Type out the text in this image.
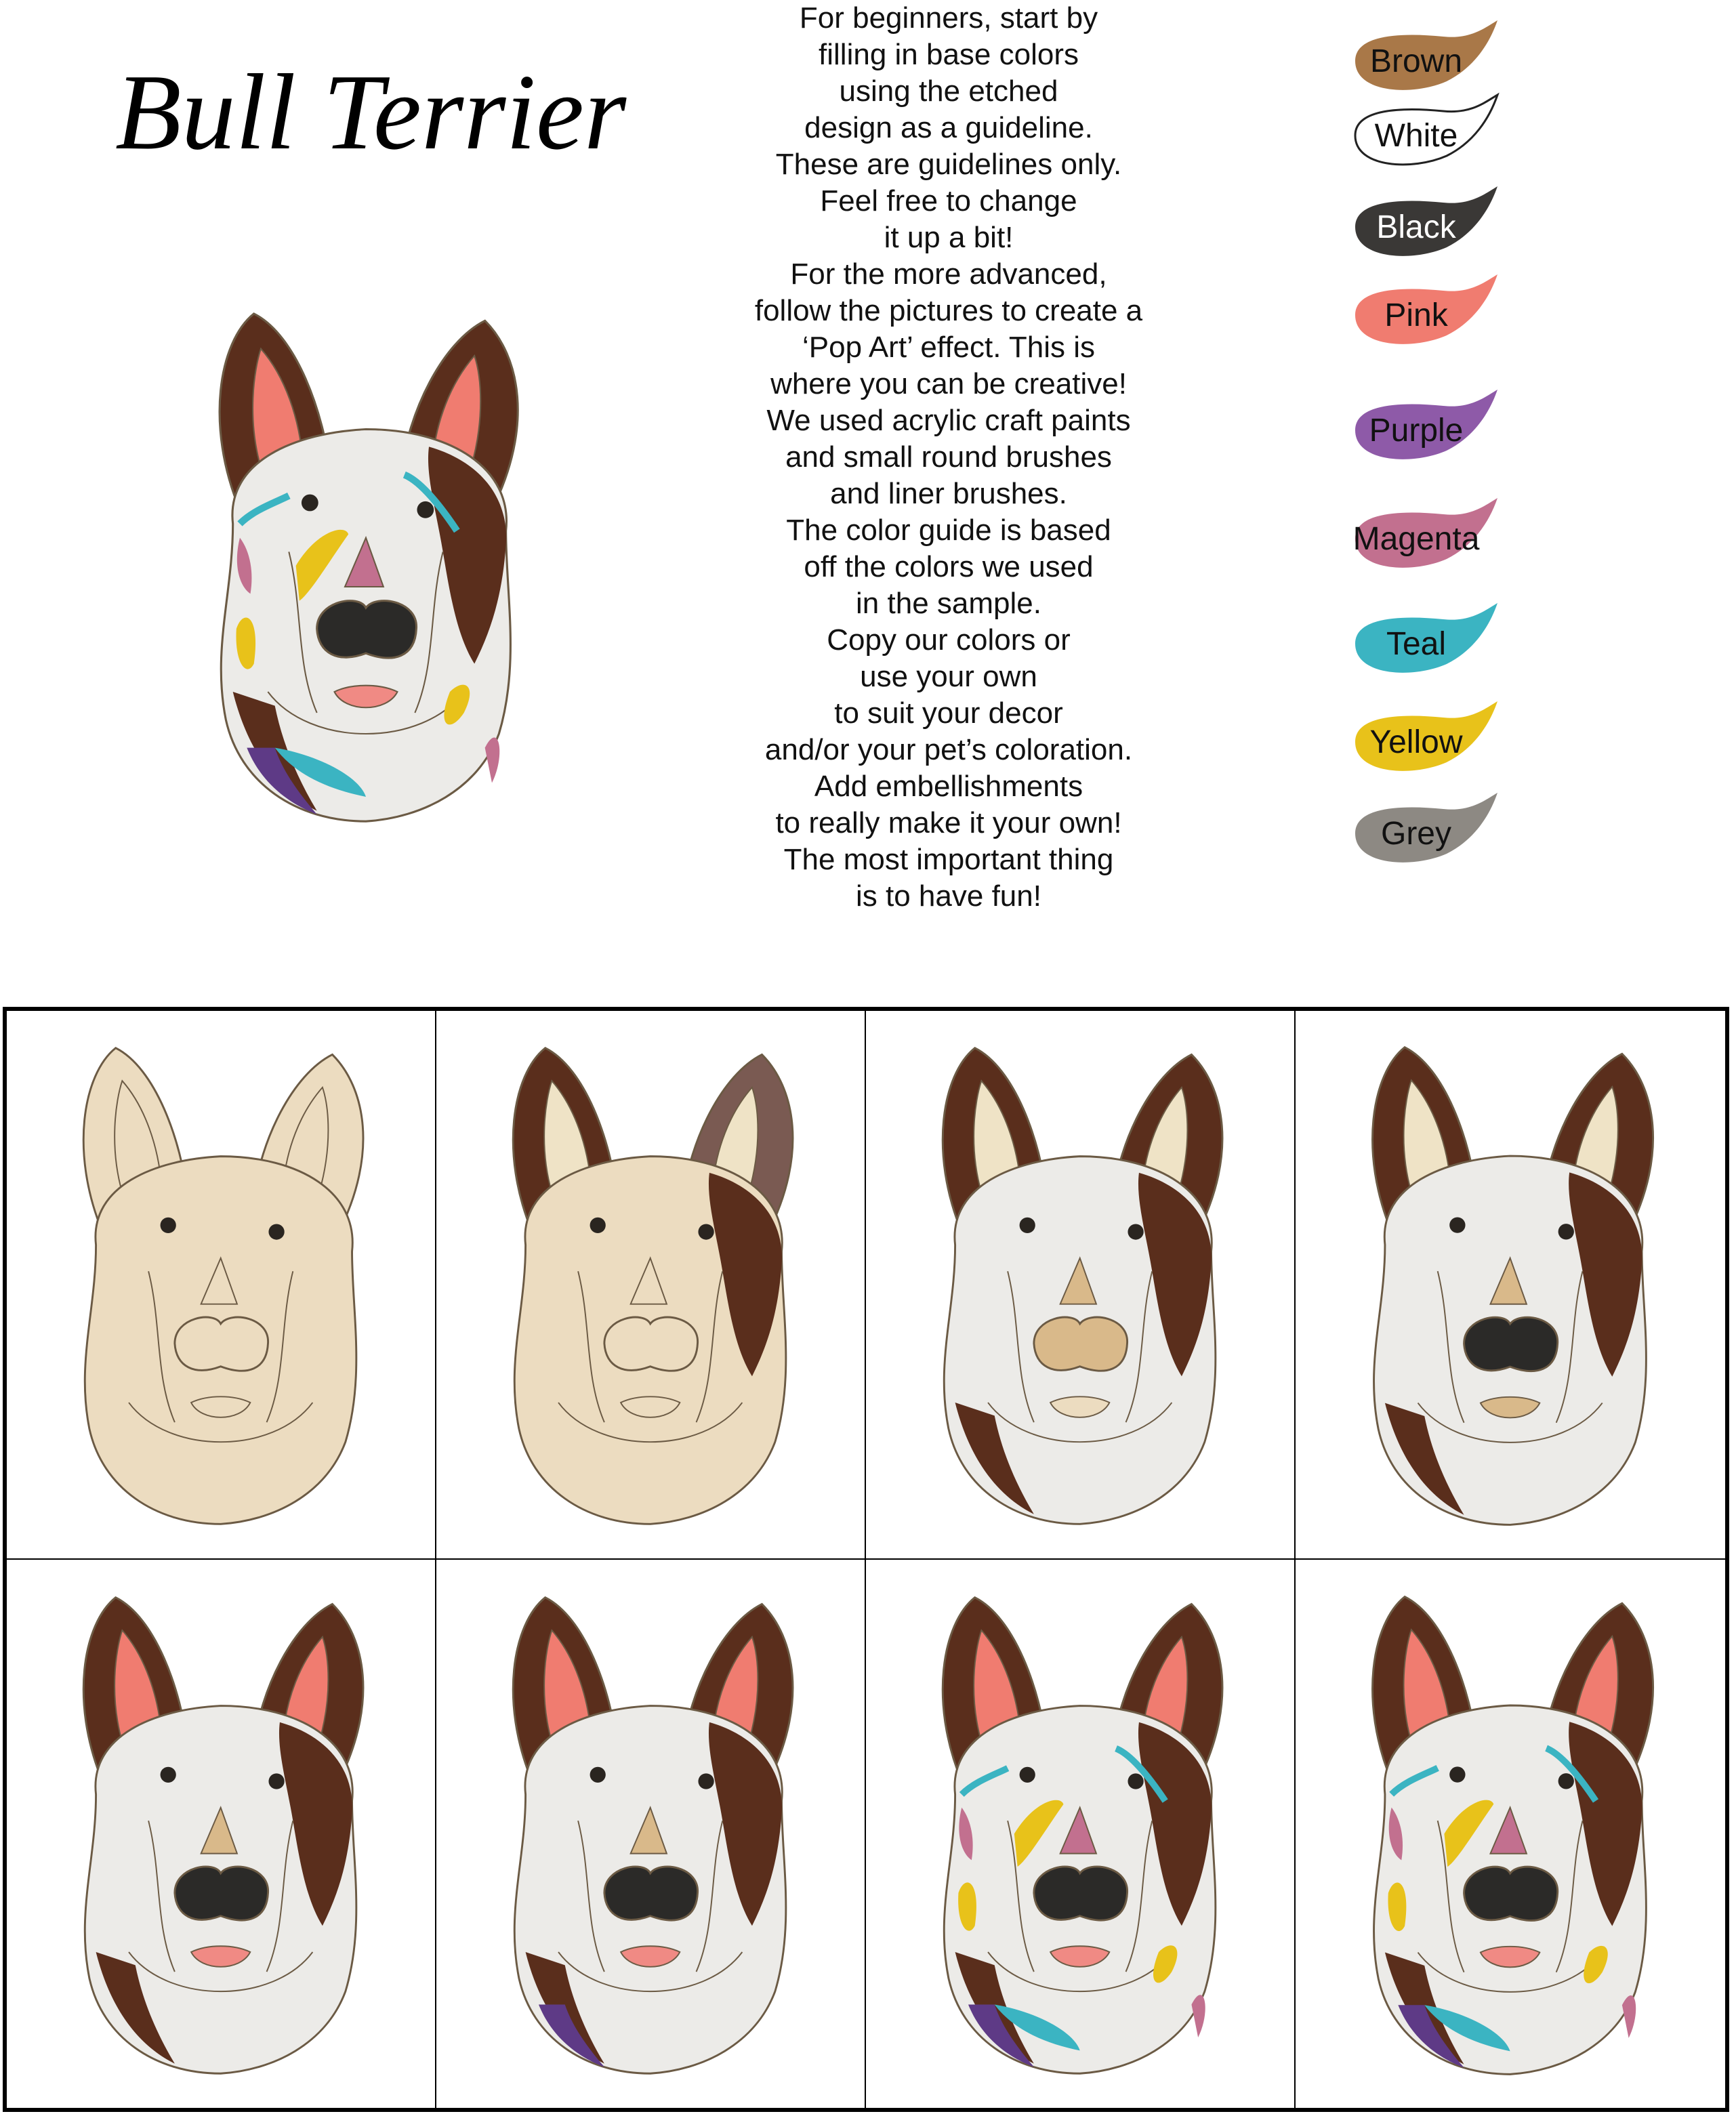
Bull Terrier
For beginners, start by
filling in base colors
using the etched
design as a guideline.
These are guidelines only.
Feel free to change
it up a bit!
For the more advanced,
follow the pictures to create a
‘Pop Art’ effect. This is
where you can be creative!
We used acrylic craft paints
and small round brushes
and liner brushes.
The color guide is based
off the colors we used
in the sample.
Copy our colors or
use your own
to suit your decor
and/or your pet’s coloration.
Add embellishments
to really make it your own!
The most important thing
is to have fun!
Brown
White
Black
Pink
Purple
Magenta
Teal
Yellow
Grey
